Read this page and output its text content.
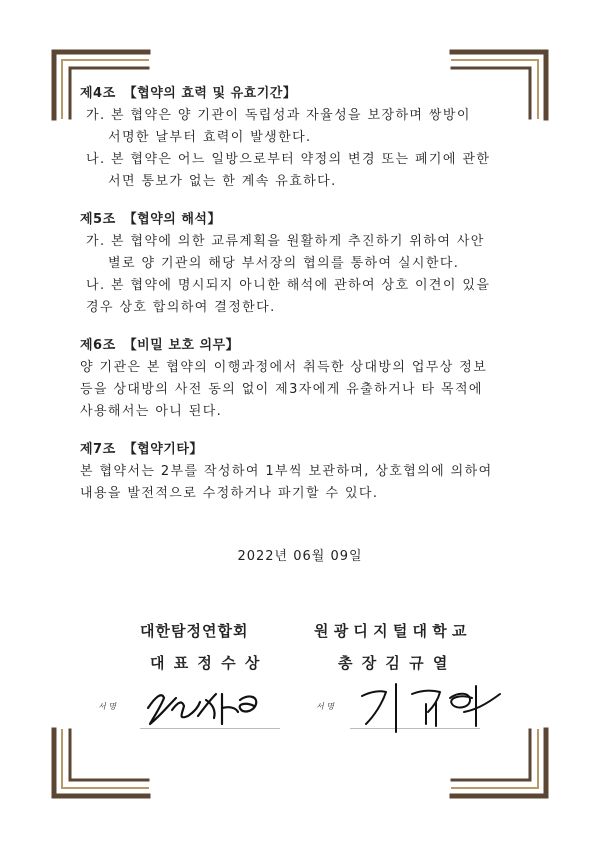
제4조 【협약의 효력 및 유효기간】
가. 본 협약은 양 기관이 독립성과 자율성을 보장하며 쌍방이
서명한 날부터 효력이 발생한다.
나. 본 협약은 어느 일방으로부터 약정의 변경 또는 폐기에 관한
서면 통보가 없는 한 계속 유효하다.
제5조 【협약의 해석】
가. 본 협약에 의한 교류계획을 원활하게 추진하기 위하여 사안
별로 양 기관의 해당 부서장의 협의를 통하여 실시한다.
나. 본 협약에 명시되지 아니한 해석에 관하여 상호 이견이 있을
경우 상호 합의하여 결정한다.
제6조 【비밀 보호 의무】
양 기관은 본 협약의 이행과정에서 취득한 상대방의 업무상 정보
등을 상대방의 사전 동의 없이 제3자에게 유출하거나 타 목적에
사용해서는 아니 된다.
제7조 【협약기타】
본 협약서는 2부를 작성하여 1부씩 보관하며, 상호협의에 의하여
내용을 발전적으로 수정하거나 파기할 수 있다.
2022년 06월 09일
대한탐정연합회
대 표 정 수 상
서 명
원 광 디 지 털 대 학 교
총 장 김 규 열
서 명
